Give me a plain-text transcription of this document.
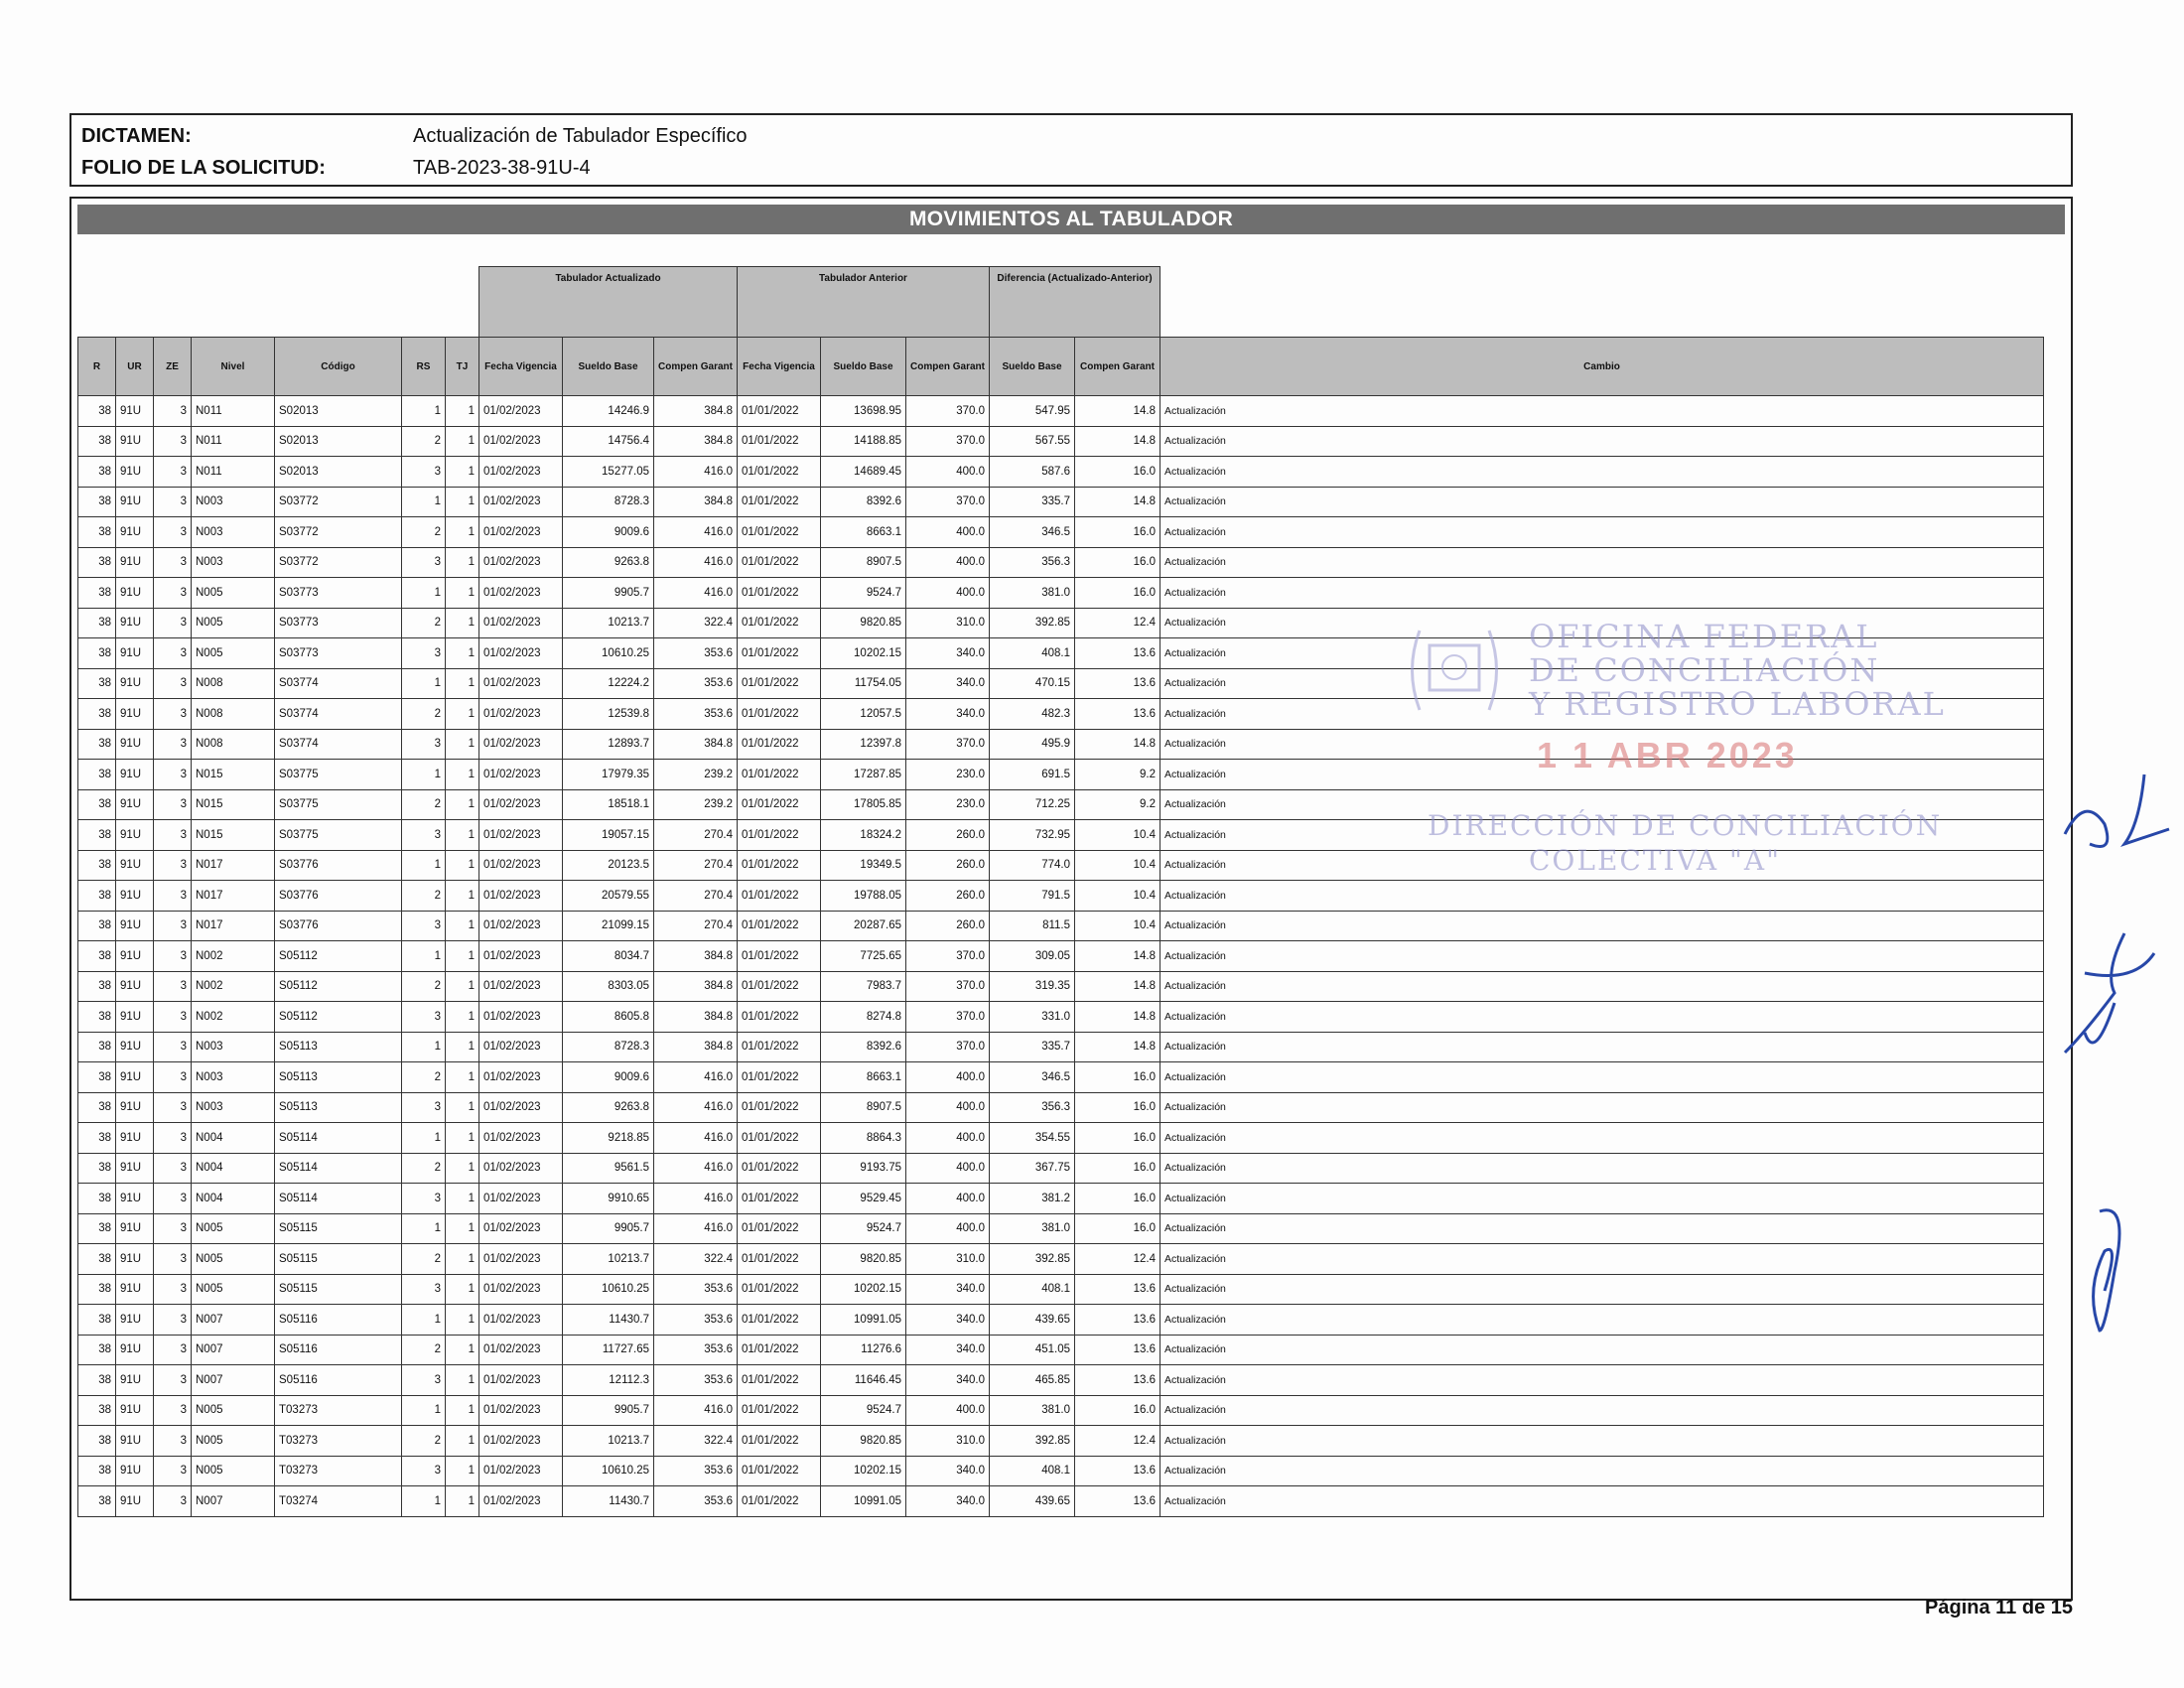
DICTAMEN:	Actualización de Tabulador Específico
FOLIO DE LA SOLICITUD:	TAB-2023-38-91U-4
MOVIMIENTOS AL TABULADOR
							Tabulador Actualizado			Tabulador Anterior			Diferencia (Actualizado-Anterior)		
R	UR	ZE	Nivel	Código	RS	TJ	Fecha Vigencia	Sueldo Base	Compen Garant	Fecha Vigencia	Sueldo Base	Compen Garant	Sueldo Base	Compen Garant	Cambio
38	91U	3	N011	S02013	1	1	01/02/2023	14246.9	384.8	01/01/2022	13698.95	370.0	547.95	14.8	Actualización
38	91U	3	N011	S02013	2	1	01/02/2023	14756.4	384.8	01/01/2022	14188.85	370.0	567.55	14.8	Actualización
38	91U	3	N011	S02013	3	1	01/02/2023	15277.05	416.0	01/01/2022	14689.45	400.0	587.6	16.0	Actualización
38	91U	3	N003	S03772	1	1	01/02/2023	8728.3	384.8	01/01/2022	8392.6	370.0	335.7	14.8	Actualización
38	91U	3	N003	S03772	2	1	01/02/2023	9009.6	416.0	01/01/2022	8663.1	400.0	346.5	16.0	Actualización
38	91U	3	N003	S03772	3	1	01/02/2023	9263.8	416.0	01/01/2022	8907.5	400.0	356.3	16.0	Actualización
38	91U	3	N005	S03773	1	1	01/02/2023	9905.7	416.0	01/01/2022	9524.7	400.0	381.0	16.0	Actualización
38	91U	3	N005	S03773	2	1	01/02/2023	10213.7	322.4	01/01/2022	9820.85	310.0	392.85	12.4	Actualización
38	91U	3	N005	S03773	3	1	01/02/2023	10610.25	353.6	01/01/2022	10202.15	340.0	408.1	13.6	Actualización
38	91U	3	N008	S03774	1	1	01/02/2023	12224.2	353.6	01/01/2022	11754.05	340.0	470.15	13.6	Actualización
38	91U	3	N008	S03774	2	1	01/02/2023	12539.8	353.6	01/01/2022	12057.5	340.0	482.3	13.6	Actualización
38	91U	3	N008	S03774	3	1	01/02/2023	12893.7	384.8	01/01/2022	12397.8	370.0	495.9	14.8	Actualización
38	91U	3	N015	S03775	1	1	01/02/2023	17979.35	239.2	01/01/2022	17287.85	230.0	691.5	9.2	Actualización
38	91U	3	N015	S03775	2	1	01/02/2023	18518.1	239.2	01/01/2022	17805.85	230.0	712.25	9.2	Actualización
38	91U	3	N015	S03775	3	1	01/02/2023	19057.15	270.4	01/01/2022	18324.2	260.0	732.95	10.4	Actualización
38	91U	3	N017	S03776	1	1	01/02/2023	20123.5	270.4	01/01/2022	19349.5	260.0	774.0	10.4	Actualización
38	91U	3	N017	S03776	2	1	01/02/2023	20579.55	270.4	01/01/2022	19788.05	260.0	791.5	10.4	Actualización
38	91U	3	N017	S03776	3	1	01/02/2023	21099.15	270.4	01/01/2022	20287.65	260.0	811.5	10.4	Actualización
38	91U	3	N002	S05112	1	1	01/02/2023	8034.7	384.8	01/01/2022	7725.65	370.0	309.05	14.8	Actualización
38	91U	3	N002	S05112	2	1	01/02/2023	8303.05	384.8	01/01/2022	7983.7	370.0	319.35	14.8	Actualización
38	91U	3	N002	S05112	3	1	01/02/2023	8605.8	384.8	01/01/2022	8274.8	370.0	331.0	14.8	Actualización
38	91U	3	N003	S05113	1	1	01/02/2023	8728.3	384.8	01/01/2022	8392.6	370.0	335.7	14.8	Actualización
38	91U	3	N003	S05113	2	1	01/02/2023	9009.6	416.0	01/01/2022	8663.1	400.0	346.5	16.0	Actualización
38	91U	3	N003	S05113	3	1	01/02/2023	9263.8	416.0	01/01/2022	8907.5	400.0	356.3	16.0	Actualización
38	91U	3	N004	S05114	1	1	01/02/2023	9218.85	416.0	01/01/2022	8864.3	400.0	354.55	16.0	Actualización
38	91U	3	N004	S05114	2	1	01/02/2023	9561.5	416.0	01/01/2022	9193.75	400.0	367.75	16.0	Actualización
38	91U	3	N004	S05114	3	1	01/02/2023	9910.65	416.0	01/01/2022	9529.45	400.0	381.2	16.0	Actualización
38	91U	3	N005	S05115	1	1	01/02/2023	9905.7	416.0	01/01/2022	9524.7	400.0	381.0	16.0	Actualización
38	91U	3	N005	S05115	2	1	01/02/2023	10213.7	322.4	01/01/2022	9820.85	310.0	392.85	12.4	Actualización
38	91U	3	N005	S05115	3	1	01/02/2023	10610.25	353.6	01/01/2022	10202.15	340.0	408.1	13.6	Actualización
38	91U	3	N007	S05116	1	1	01/02/2023	11430.7	353.6	01/01/2022	10991.05	340.0	439.65	13.6	Actualización
38	91U	3	N007	S05116	2	1	01/02/2023	11727.65	353.6	01/01/2022	11276.6	340.0	451.05	13.6	Actualización
38	91U	3	N007	S05116	3	1	01/02/2023	12112.3	353.6	01/01/2022	11646.45	340.0	465.85	13.6	Actualización
38	91U	3	N005	T03273	1	1	01/02/2023	9905.7	416.0	01/01/2022	9524.7	400.0	381.0	16.0	Actualización
38	91U	3	N005	T03273	2	1	01/02/2023	10213.7	322.4	01/01/2022	9820.85	310.0	392.85	12.4	Actualización
38	91U	3	N005	T03273	3	1	01/02/2023	10610.25	353.6	01/01/2022	10202.15	340.0	408.1	13.6	Actualización
38	91U	3	N007	T03274	1	1	01/02/2023	11430.7	353.6	01/01/2022	10991.05	340.0	439.65	13.6	Actualización
OFICINA FEDERAL
DE CONCILIACIÓN
Y REGISTRO LABORAL
1 1 ABR 2023
DIRECCIÓN DE CONCILIACIÓN
COLECTIVA "A"
Página 11 de 15
